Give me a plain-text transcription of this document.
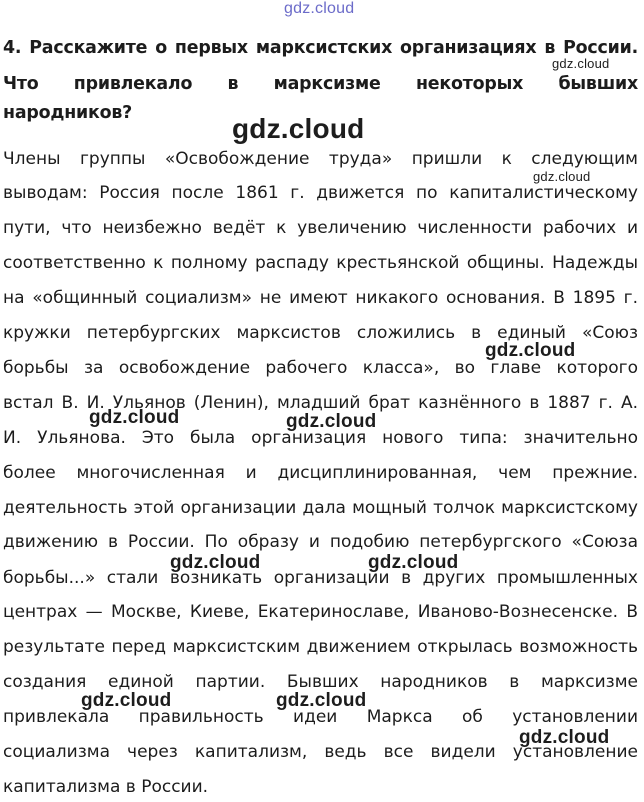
gdz.cloud
4. Расскажите о первых марксистских организациях в России.
Что привлекало в марксизме некоторых бывших
народников?
Члены группы «Освобождение труда» пришли к следующим
выводам: Россия после 1861 г. движется по капиталистическому
пути, что неизбежно ведёт к увеличению численности рабочих и
соответственно к полному распаду крестьянской общины. Надежды
на «общинный социализм» не имеют никакого основания. В 1895 г.
кружки петербургских марксистов сложились в единый «Союз
борьбы за освобождение рабочего класса», во главе которого
встал В. И. Ульянов (Ленин), младший брат казнённого в 1887 г. А.
И. Ульянова. Это была организация нового типа: значительно
более многочисленная и дисциплинированная, чем прежние.
деятельность этой организации дала мощный толчок марксистскому
движению в России. По образу и подобию петербургского «Союза
борьбы...» стали возникать организации в других промышленных
центрах — Москве, Киеве, Екатеринославе, Иваново-Вознесенске. В
результате перед марксистским движением открылась возможность
создания единой партии. Бывших народников в марксизме
привлекала правильность идеи Маркса об установлении
социализма через капитализм, ведь все видели установление
капитализма в России.
gdz.cloud
gdz.cloud
gdz.cloud
gdz.cloud
gdz.cloud	gdz.cloud
gdz.cloud	gdz.cloud
gdz.cloud	gdz.cloud
gdz.cloud
